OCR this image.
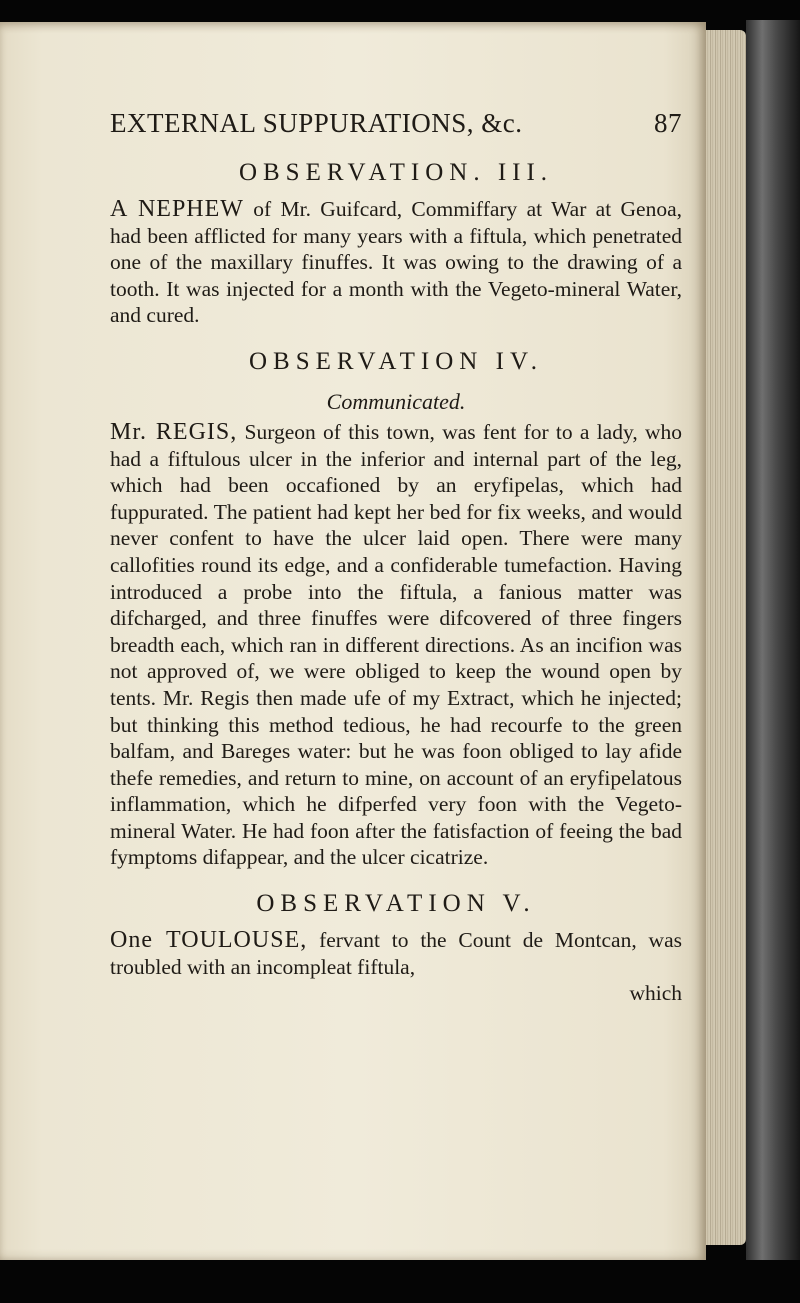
EXTERNAL SUPPURATIONS, &c.	87
OBSERVATION. III.

A NEPHEW of Mr. Guifcard, Commiffary at War at Genoa, had been afflicted for many years with a fiftula, which penetrated one of the maxillary finuffes. It was owing to the drawing of a tooth. It was injected for a month with the Vegeto-mineral Water, and cured.

OBSERVATION IV.
Communicated.

Mr. REGIS, Surgeon of this town, was fent for to a lady, who had a fiftulous ulcer in the inferior and internal part of the leg, which had been occafioned by an eryfipelas, which had fuppurated. The patient had kept her bed for fix weeks, and would never confent to have the ulcer laid open. There were many callofities round its edge, and a confiderable tumefaction. Having introduced a probe into the fiftula, a fanious matter was difcharged, and three finuffes were difcovered of three fingers breadth each, which ran in different directions. As an incifion was not approved of, we were obliged to keep the wound open by tents. Mr. Regis then made ufe of my Extract, which he injected; but thinking this method tedious, he had recourfe to the green balfam, and Bareges water: but he was foon obliged to lay afide thefe remedies, and return to mine, on account of an eryfipelatous inflammation, which he difperfed very foon with the Vegeto-mineral Water. He had foon after the fatisfaction of feeing the bad fymptoms difappear, and the ulcer cicatrize.

OBSERVATION V.

One TOULOUSE, fervant to the Count de Montcan, was troubled with an incompleat fiftula,

which
